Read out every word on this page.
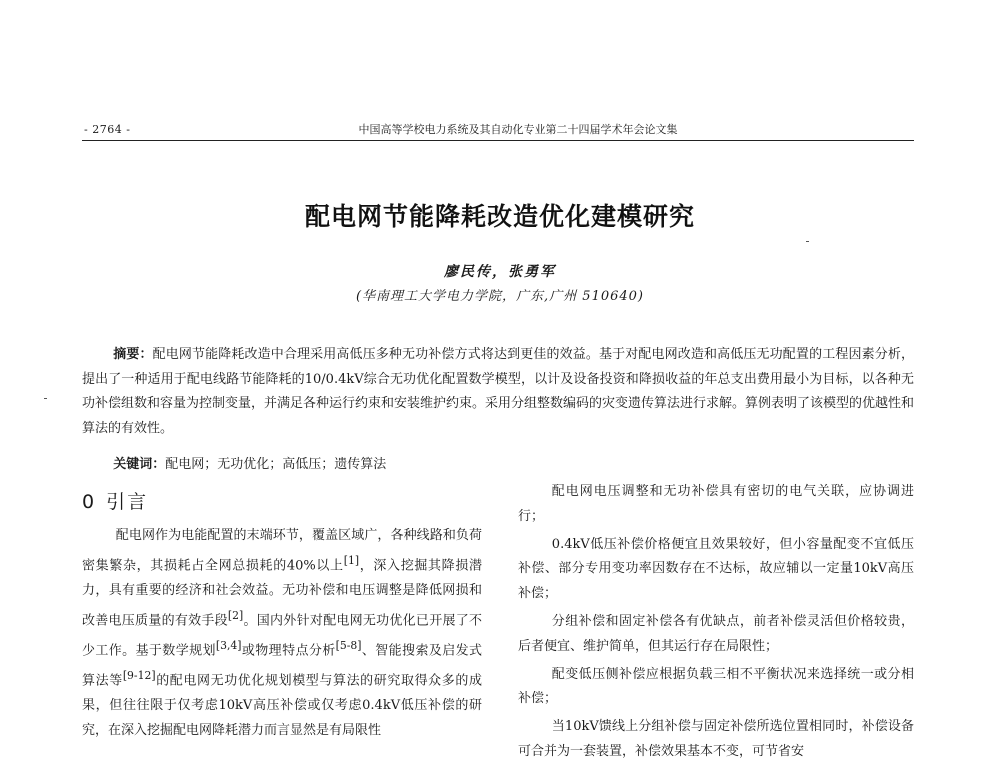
- 2764 -	中国高等学校电力系统及其自动化专业第二十四届学术年会论文集
配电网节能降耗改造优化建模研究
廖民传，张勇军
(华南理工大学电力学院，广东,广州 510640)

摘要：配电网节能降耗改造中合理采用高低压多种无功补偿方式将达到更佳的效益。基于对配电网改造和高低压无功配置的工程因素分析，提出了一种适用于配电线路节能降耗的10/0.4kV综合无功优化配置数学模型，以计及设备投资和降损收益的年总支出费用最小为目标，以各种无功补偿组数和容量为控制变量，并满足各种运行约束和安装维护约束。采用分组整数编码的灾变遗传算法进行求解。算例表明了该模型的优越性和算法的有效性。

关键词：配电网；无功优化；高低压；遗传算法

0 引言

配电网作为电能配置的末端环节，覆盖区域广，各种线路和负荷密集繁杂，其损耗占全网总损耗的40%以上[1]，深入挖掘其降损潜力，具有重要的经济和社会效益。无功补偿和电压调整是降低网损和改善电压质量的有效手段[2]。国内外针对配电网无功优化已开展了不少工作。基于数学规划[3,4]或物理特点分析[5-8]、智能搜索及启发式算法等[9-12]的配电网无功优化规划模型与算法的研究取得众多的成果，但往往限于仅考虑10kV高压补偿或仅考虑0.4kV低压补偿的研究，在深入挖掘配电网降耗潜力而言显然是有局限性

配电网电压调整和无功补偿具有密切的电气关联，应协调进行；

0.4kV低压补偿价格便宜且效果较好，但小容量配变不宜低压补偿、部分专用变功率因数存在不达标，故应辅以一定量10kV高压补偿；

分组补偿和固定补偿各有优缺点，前者补偿灵活但价格较贵，后者便宜、维护简单，但其运行存在局限性；

配变低压侧补偿应根据负载三相不平衡状况来选择统一或分相补偿；

当10kV馈线上分组补偿与固定补偿所选位置相同时，补偿设备可合并为一套装置，补偿效果基本不变，可节省安
